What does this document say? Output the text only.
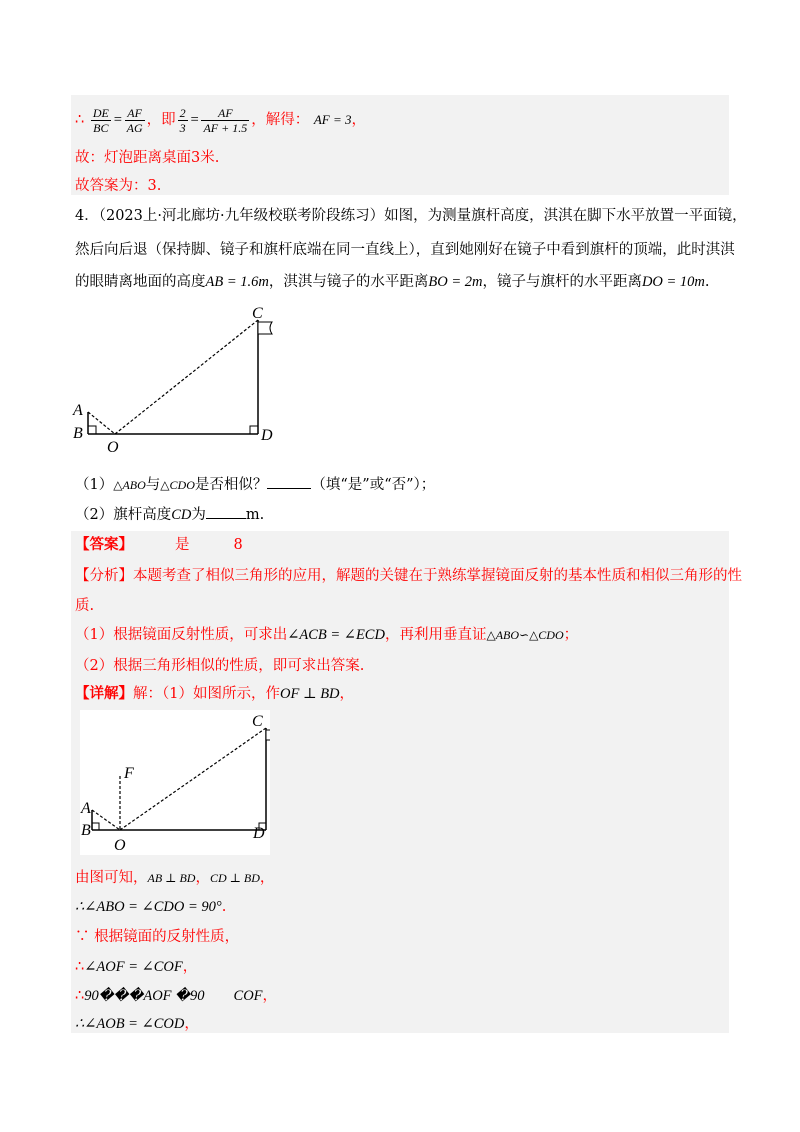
∴ $\frac{DE}{BC} = \frac{AF}{AG}$ ，即 $\frac{2}{3} = \frac{AF}{AF + 1.5}$ ，解得： AF = 3，
故：灯泡距离桌面3米.
故答案为：3.
4．（2023上·河北廊坊·九年级校联考阶段练习）如图，为测量旗杆高度，淇淇在脚下水平放置一平面镜，
然后向后退（保持脚、镜子和旗杆底端在同一直线上），直到她刚好在镜子中看到旗杆的顶端，此时淇淇
的眼睛离地面的高度AB = 1.6m，淇淇与镜子的水平距离BO = 2m，镜子与旗杆的水平距离DO = 10m.
A
B
O
C
D
（1）△ABO与△CDO是否相似？	（填“是”或“否”）；
（2）旗杆高度CD为	m.
【答案】	是	8
【分析】本题考查了相似三角形的应用，解题的关键在于熟练掌握镜面反射的基本性质和相似三角形的性
质.
（1）根据镜面反射性质，可求出∠ACB = ∠ECD，再利用垂直证△ABO∽△CDO；
（2）根据三角形相似的性质，即可求出答案.
【详解】解：（1）如图所示，作OF ⊥ BD，
A
B
O
F
C
D
由图可知，AB ⊥ BD，CD ⊥ BD，
∴∠ABO = ∠CDO = 90°.
∵ 根据镜面的反射性质，
∴∠AOF = ∠COF，
∴90���AOF �90　　COF，
∴∠AOB = ∠COD，
